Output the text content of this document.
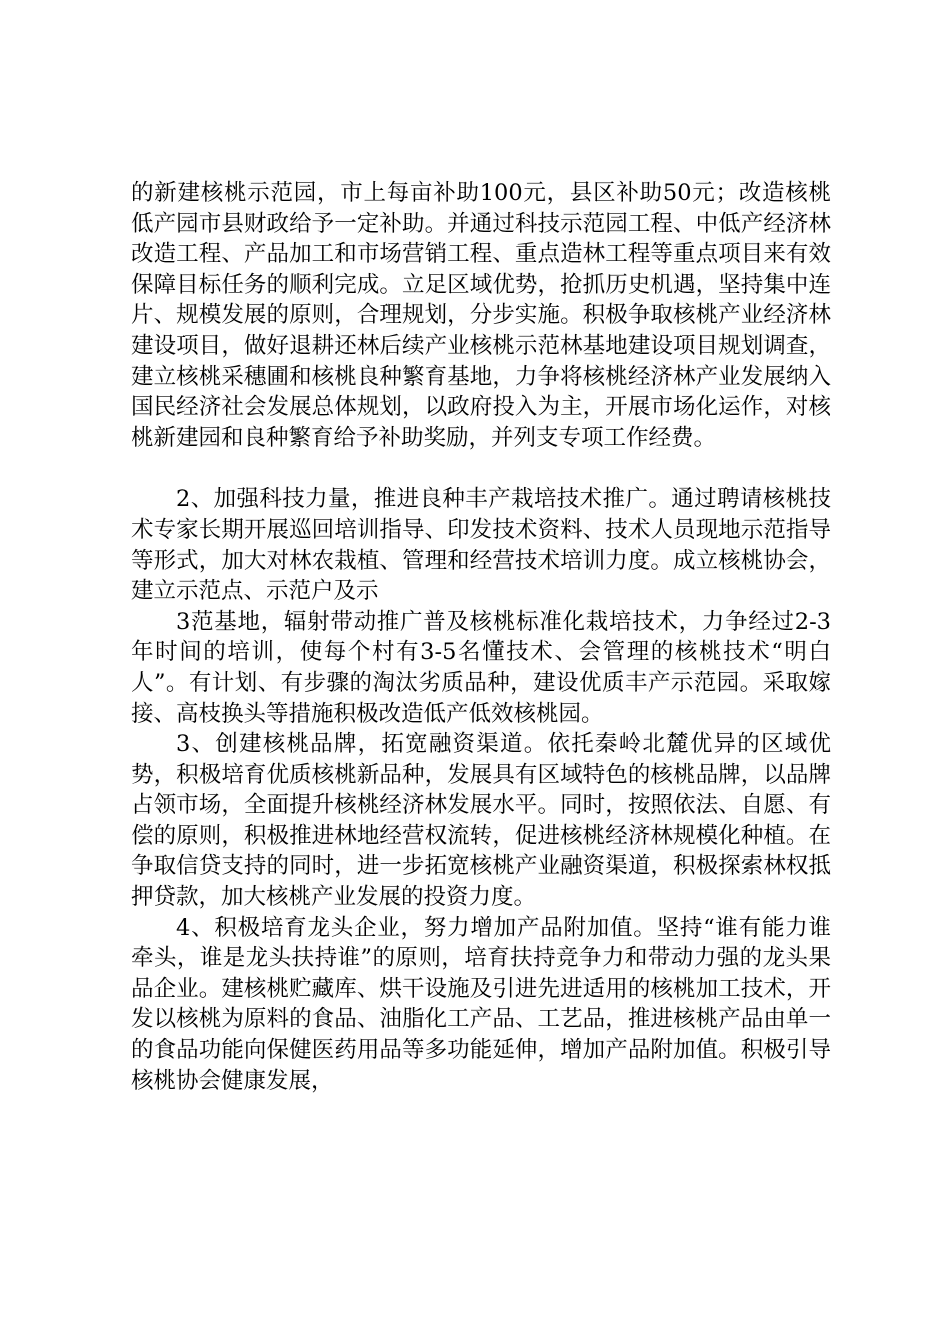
的新建核桃示范园，市上每亩补助100元，县区补助50元；改造核桃低产园市县财政给予一定补助。并通过科技示范园工程、中低产经济林改造工程、产品加工和市场营销工程、重点造林工程等重点项目来有效保障目标任务的顺利完成。立足区域优势，抢抓历史机遇，坚持集中连片、规模发展的原则，合理规划，分步实施。积极争取核桃产业经济林建设项目，做好退耕还林后续产业核桃示范林基地建设项目规划调查，建立核桃采穗圃和核桃良种繁育基地，力争将核桃经济林产业发展纳入国民经济社会发展总体规划，以政府投入为主，开展市场化运作，对核桃新建园和良种繁育给予补助奖励，并列支专项工作经费。

2、加强科技力量，推进良种丰产栽培技术推广。通过聘请核桃技术专家长期开展巡回培训指导、印发技术资料、技术人员现地示范指导等形式，加大对林农栽植、管理和经营技术培训力度。成立核桃协会，建立示范点、示范户及示

3范基地，辐射带动推广普及核桃标准化栽培技术，力争经过2-3年时间的培训，使每个村有3-5名懂技术、会管理的核桃技术“明白人”。有计划、有步骤的淘汰劣质品种，建设优质丰产示范园。采取嫁接、高枝换头等措施积极改造低产低效核桃园。

3、创建核桃品牌，拓宽融资渠道。依托秦岭北麓优异的区域优势，积极培育优质核桃新品种，发展具有区域特色的核桃品牌，以品牌占领市场，全面提升核桃经济林发展水平。同时，按照依法、自愿、有偿的原则，积极推进林地经营权流转，促进核桃经济林规模化种植。在争取信贷支持的同时，进一步拓宽核桃产业融资渠道，积极探索林权抵押贷款，加大核桃产业发展的投资力度。

4、积极培育龙头企业，努力增加产品附加值。坚持“谁有能力谁牵头，谁是龙头扶持谁”的原则，培育扶持竞争力和带动力强的龙头果品企业。建核桃贮藏库、烘干设施及引进先进适用的核桃加工技术，开发以核桃为原料的食品、油脂化工产品、工艺品，推进核桃产品由单一的食品功能向保健医药用品等多功能延伸，增加产品附加值。积极引导核桃协会健康发展，
